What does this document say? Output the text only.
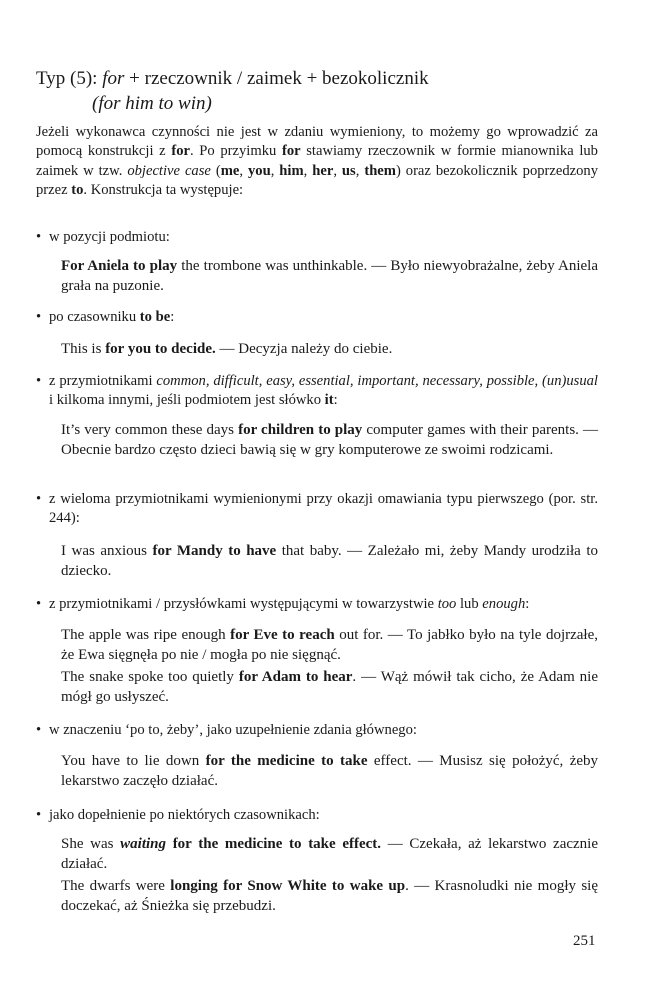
Typ (5): for + rzeczownik / zaimek + bezokolicznik
(for him to win)
Jeżeli wykonawca czynności nie jest w zdaniu wymieniony, to możemy go wprowadzić za pomocą konstrukcji z for. Po przyimku for stawiamy rzeczownik w formie mianownika lub zaimek w tzw. objective case (me, you, him, her, us, them) oraz bezokolicznik poprzedzony przez to. Konstrukcja ta występuje:
• w pozycji podmiotu:
For Aniela to play the trombone was unthinkable. — Było niewyobrażalne, żeby Aniela grała na puzonie.
• po czasowniku to be:
This is for you to decide. — Decyzja należy do ciebie.
• z przymiotnikami common, difficult, easy, essential, important, necessary, possible, (un)usual i kilkoma innymi, jeśli podmiotem jest słówko it:
It’s very common these days for children to play computer games with their parents. — Obecnie bardzo często dzieci bawią się w gry komputerowe ze swoimi rodzicami.
• z wieloma przymiotnikami wymienionymi przy okazji omawiania typu pierwszego (por. str. 244):
I was anxious for Mandy to have that baby. — Zależało mi, żeby Mandy urodziła to dziecko.
• z przymiotnikami / przysłówkami występującymi w towarzystwie too lub enough:
The apple was ripe enough for Eve to reach out for. — To jabłko było na tyle dojrzałe, że Ewa sięgnęła po nie / mogła po nie sięgnąć.
The snake spoke too quietly for Adam to hear. — Wąż mówił tak cicho, że Adam nie mógł go usłyszeć.
• w znaczeniu ‘po to, żeby’, jako uzupełnienie zdania głównego:
You have to lie down for the medicine to take effect. — Musisz się położyć, żeby lekarstwo zaczęło działać.
• jako dopełnienie po niektórych czasownikach:
She was waiting for the medicine to take effect. — Czekała, aż lekarstwo zacznie działać.
The dwarfs were longing for Snow White to wake up. — Krasnoludki nie mogły się doczekać, aż Śnieżka się przebudzi.
251
